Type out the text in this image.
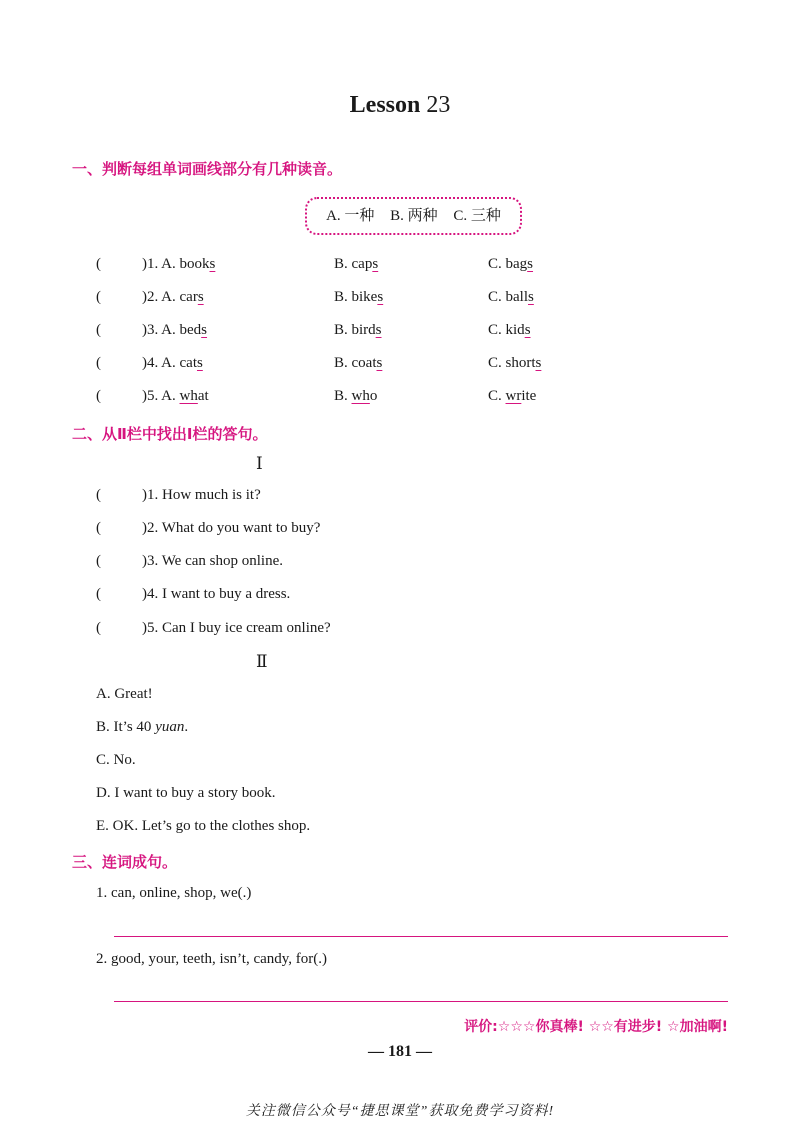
Lesson 23
一、判断每组单词画线部分有几种读音。
A. 一种 B. 两种 C. 三种
(	)1. A. books	B. caps	C. bags
(	)2. A. cars	B. bikes	C. balls
(	)3. A. beds	B. birds	C. kids
(	)4. A. cats	B. coats	C. shorts
(	)5. A. what	B. who	C. write
二、从Ⅱ栏中找出Ⅰ栏的答句。
Ⅰ
(	)1. How much is it?
(	)2. What do you want to buy?
(	)3. We can shop online.
(	)4. I want to buy a dress.
(	)5. Can I buy ice cream online?
Ⅱ
A. Great!
B. It’s 40 yuan.
C. No.
D. I want to buy a story book.
E. OK. Let’s go to the clothes shop.
三、连词成句。
1. can, online, shop, we(.)
2. good, your, teeth, isn’t, candy, for(.)
评价:☆☆☆你真棒! ☆☆有进步! ☆加油啊!
— 181 —
关注微信公众号“捷思课堂”获取免费学习资料!
